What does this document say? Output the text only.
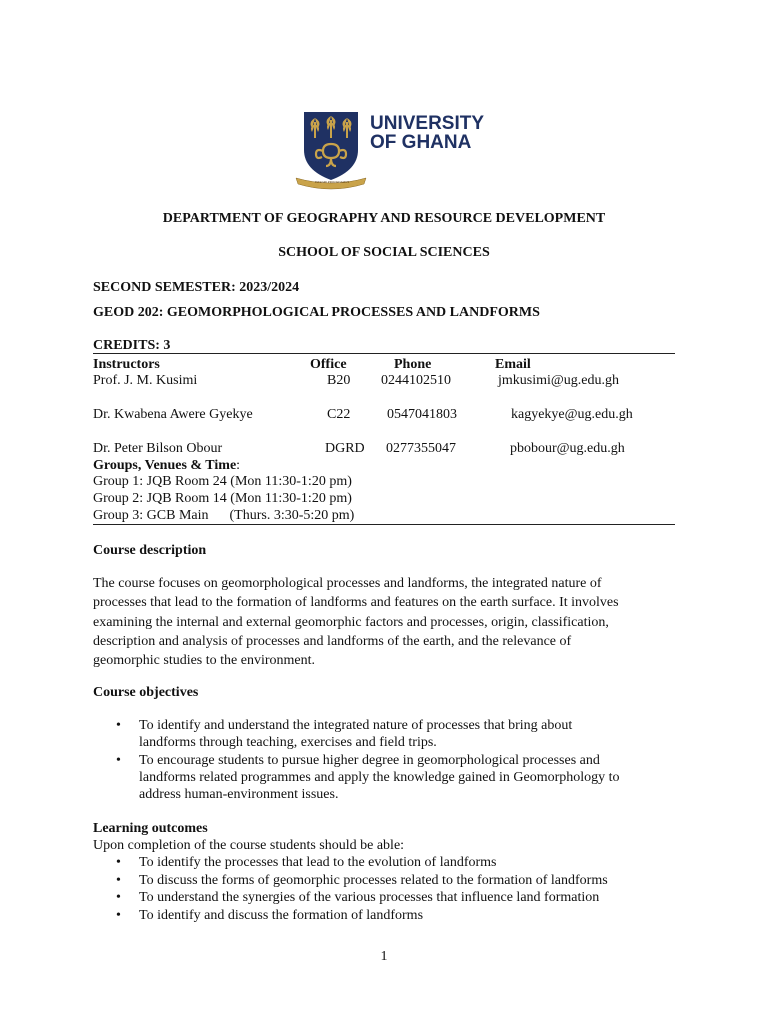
UNIVERSITY
OF GHANA
INTEGRI PROCEDAMUS
DEPARTMENT OF GEOGRAPHY AND RESOURCE DEVELOPMENT
SCHOOL OF SOCIAL SCIENCES
SECOND SEMESTER: 2023/2024
GEOD 202: GEOMORPHOLOGICAL PROCESSES AND LANDFORMS
CREDITS: 3
Instructors	Office	Phone	Email
Prof. J. M. Kusimi	B20 0244102510	jmkusimi@ug.edu.gh
Dr. Kwabena Awere Gyekye	C22	0547041803	kagyekye@ug.edu.gh
Dr. Peter Bilson Obour	DGRD 0277355047	pbobour@ug.edu.gh
Groups, Venues & Time:
Group 1: JQB Room 24 (Mon 11:30-1:20 pm)
Group 2: JQB Room 14 (Mon 11:30-1:20 pm)
Group 3: GCB Main      (Thurs. 3:30-5:20 pm)
Course description

The course focuses on geomorphological processes and landforms, the integrated nature of
processes that lead to the formation of landforms and features on the earth surface. It involves
examining the internal and external geomorphic factors and processes, origin, classification,
description and analysis of processes and landforms of the earth, and the relevance of
geomorphic studies to the environment.

Course objectives
• To identify and understand the integrated nature of processes that bring about
landforms through teaching, exercises and field trips.
• To encourage students to pursue higher degree in geomorphological processes and
landforms related programmes and apply the knowledge gained in Geomorphology to
address human-environment issues.
Learning outcomes
Upon completion of the course students should be able:
• To identify the processes that lead to the evolution of landforms
• To discuss the forms of geomorphic processes related to the formation of landforms
• To understand the synergies of the various processes that influence land formation
• To identify and discuss the formation of landforms
1
